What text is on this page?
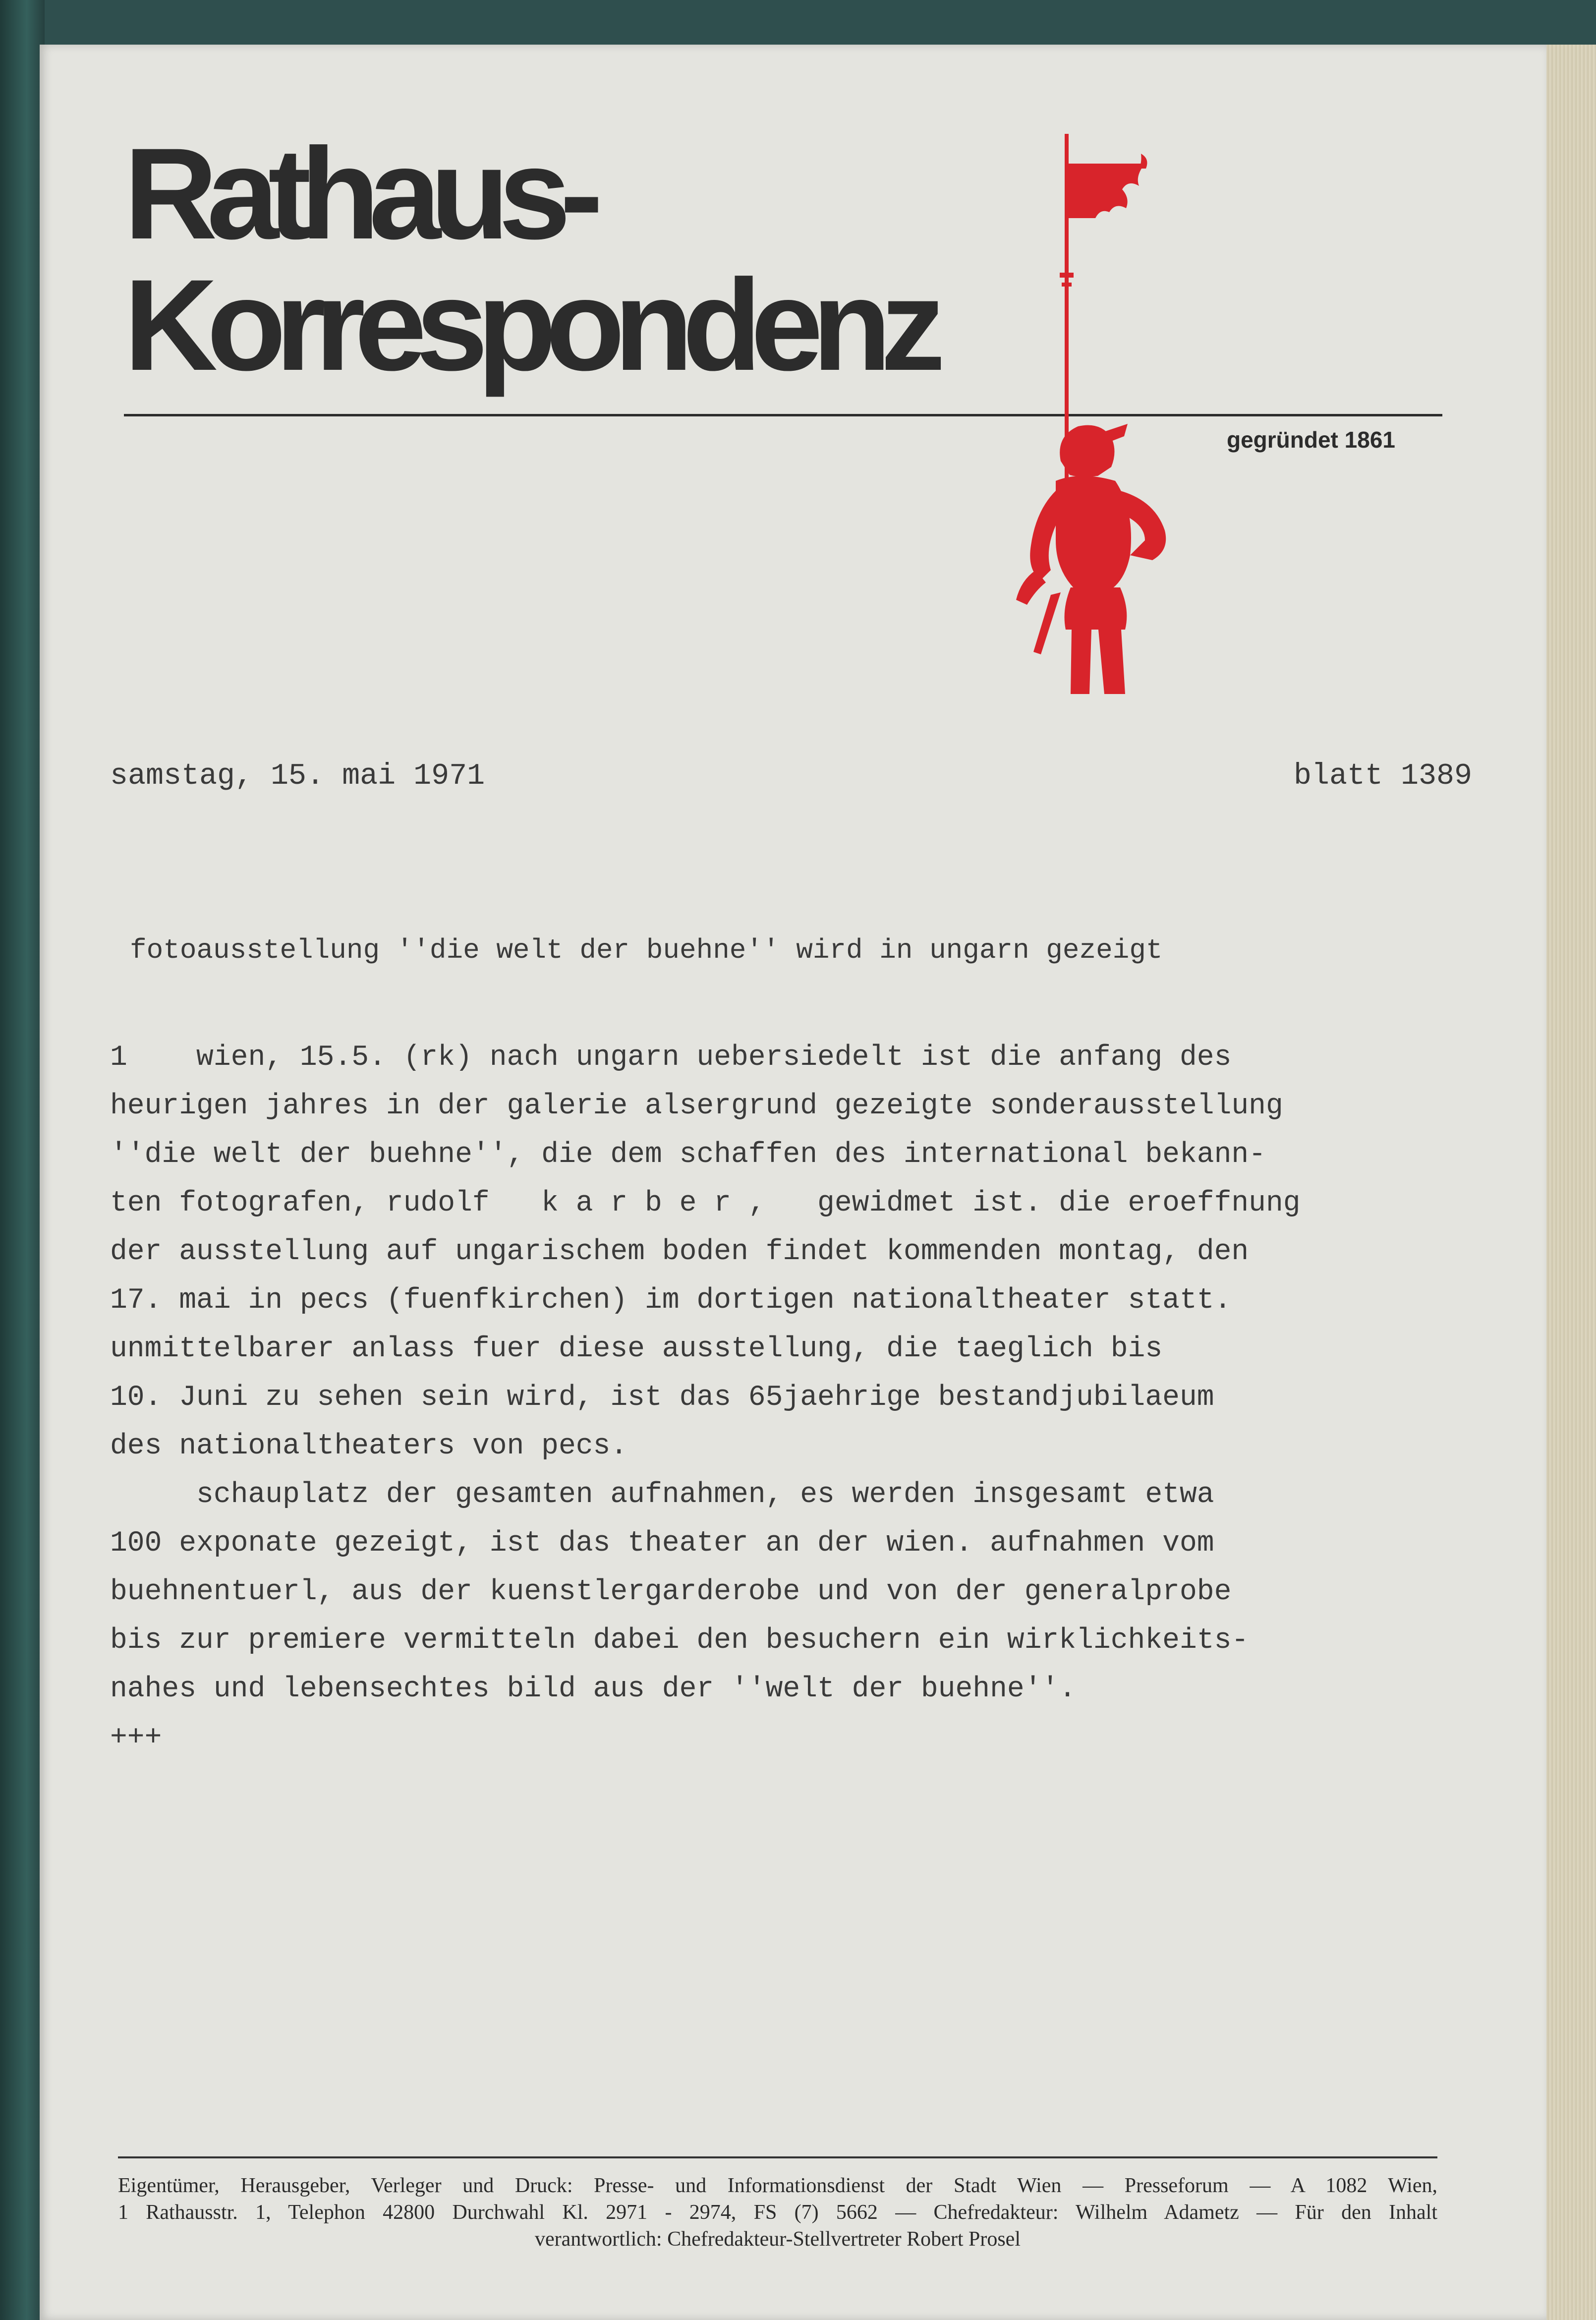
Rathaus-
Korrespondenz
gegründet 1861

samstag, 15. mai 1971	blatt 1389

fotoausstellung ''die welt der buehne'' wird in ungarn gezeigt

1    wien, 15.5. (rk) nach ungarn uebersiedelt ist die anfang des
heurigen jahres in der galerie alsergrund gezeigte sonderausstellung
''die welt der buehne'', die dem schaffen des international bekann-
ten fotografen, rudolf   k a r b e r ,   gewidmet ist. die eroeffnung
der ausstellung auf ungarischem boden findet kommenden montag, den
17. mai in pecs (fuenfkirchen) im dortigen nationaltheater statt.
unmittelbarer anlass fuer diese ausstellung, die taeglich bis
10. Juni zu sehen sein wird, ist das 65jaehrige bestandjubilaeum
des nationaltheaters von pecs.
schauplatz der gesamten aufnahmen, es werden insgesamt etwa
100 exponate gezeigt, ist das theater an der wien. aufnahmen vom
buehnentuerl, aus der kuenstlergarderobe und von der generalprobe
bis zur premiere vermitteln dabei den besuchern ein wirklichkeits-
nahes und lebensechtes bild aus der ''welt der buehne''.
+++
Eigentümer, Herausgeber, Verleger und Druck: Presse- und Informationsdienst der Stadt Wien — Presseforum — A 1082 Wien,
1 Rathausstr. 1, Telephon 42800 Durchwahl Kl. 2971 - 2974, FS (7) 5662 — Chefredakteur: Wilhelm Adametz — Für den Inhalt
verantwortlich: Chefredakteur-Stellvertreter Robert Prosel
